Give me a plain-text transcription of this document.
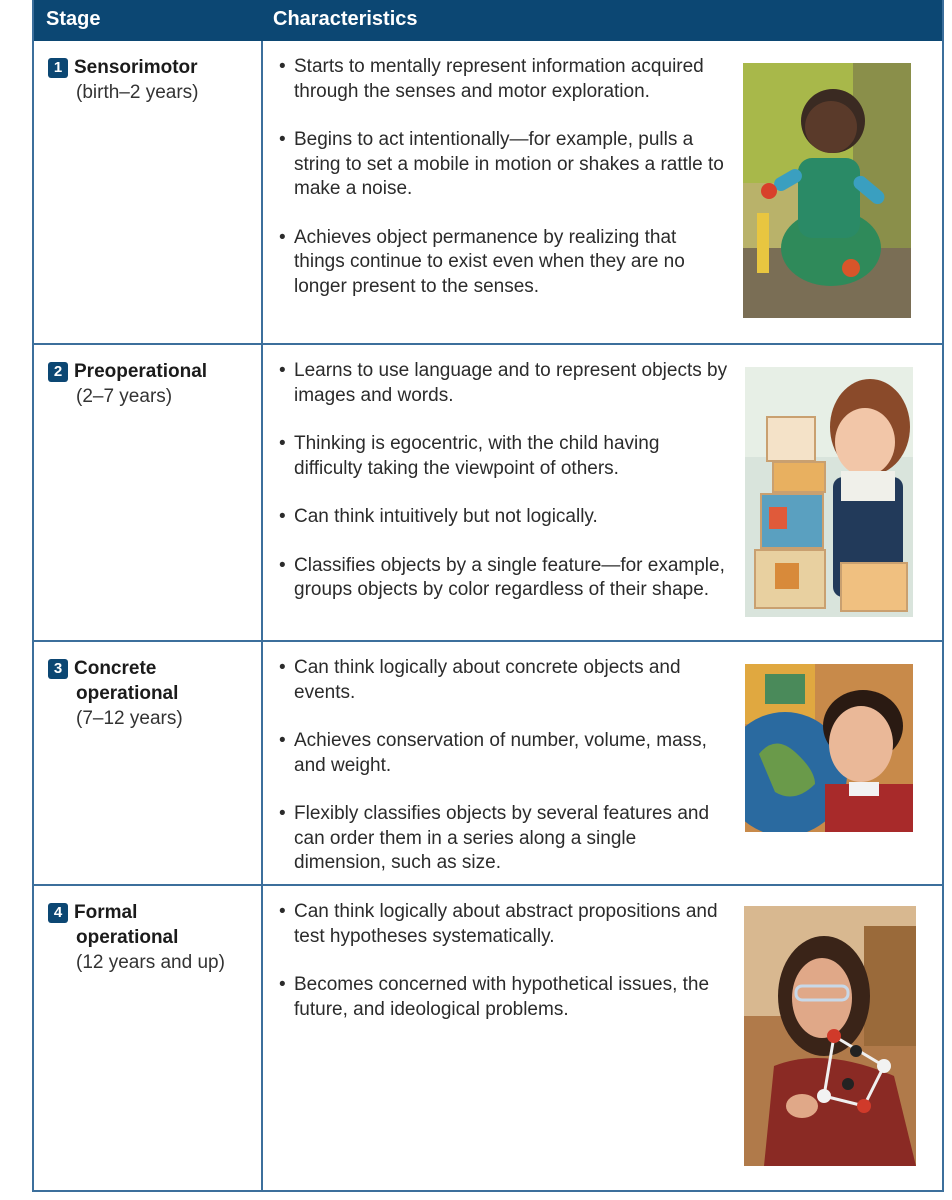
Stage	Characteristics
1 Sensorimotor
(birth–2 years)
• Starts to mentally represent information acquired through the senses and motor exploration.
• Begins to act intentionally—for example, pulls a string to set a mobile in motion or shakes a rattle to make a noise.
• Achieves object permanence by realizing that things continue to exist even when they are no longer present to the senses.
2 Preoperational
(2–7 years)
• Learns to use language and to represent objects by images and words.
• Thinking is egocentric, with the child having difficulty taking the viewpoint of others.
• Can think intuitively but not logically.
• Classifies objects by a single feature—for example, groups objects by color regardless of their shape.
3 Concrete
operational
(7–12 years)
• Can think logically about concrete objects and events.
• Achieves conservation of number, volume, mass, and weight.
• Flexibly classifies objects by several features and can order them in a series along a single dimension, such as size.
4 Formal
operational
(12 years and up)
• Can think logically about abstract propositions and test hypotheses systematically.
• Becomes concerned with hypothetical issues, the future, and ideological problems.
